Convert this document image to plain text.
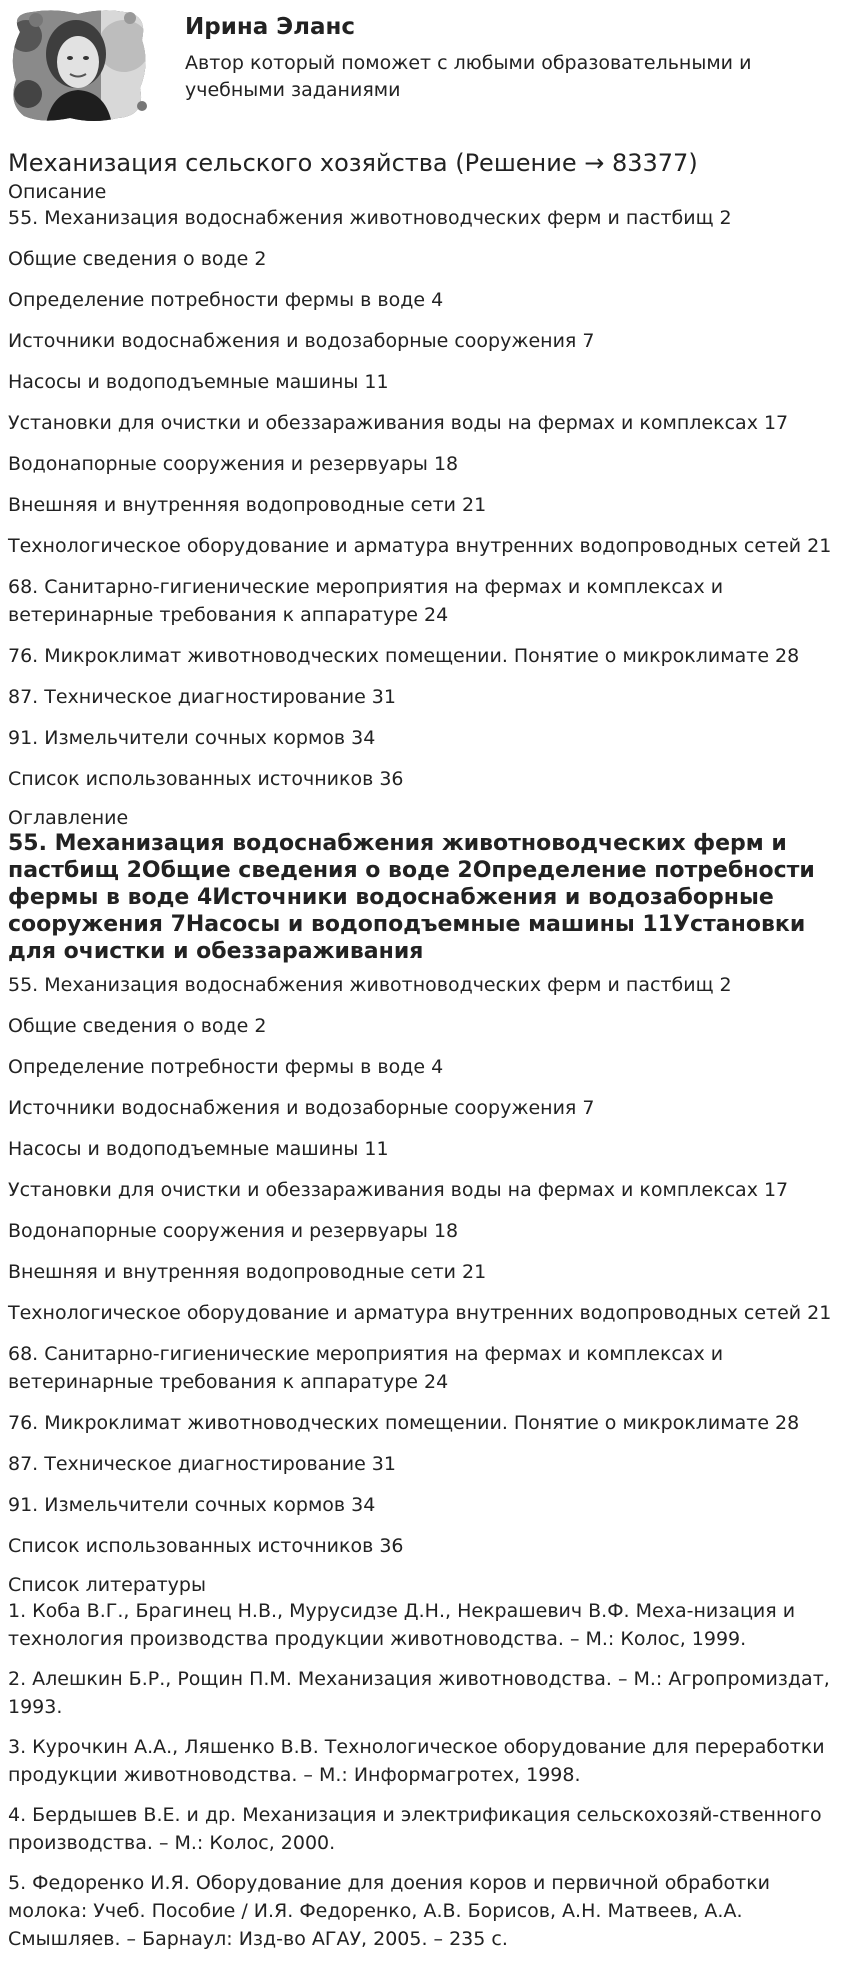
Ирина Эланс
Автор который поможет с любыми образовательными и учебными заданиями
Механизация сельского хозяйства (Решение → 83377)

Описание

55. Механизация водоснабжения животноводческих ферм и пастбищ 2

Общие сведения о воде 2

Определение потребности фермы в воде 4

Источники водоснабжения и водозаборные сооружения 7

Насосы и водоподъемные машины 11

Установки для очистки и обеззараживания воды на фермах и комплексах 17

Водонапорные сооружения и резервуары 18

Внешняя и внутренняя водопроводные сети 21

Технологическое оборудование и арматура внутренних водопроводных сетей 21

68. Санитарно-гигиенические мероприятия на фермах и комплексах и ветеринарные требования к аппаратуре 24

76. Микроклимат животноводческих помещении. Понятие о микроклимате 28

87. Техническое диагностирование 31

91. Измельчители сочных кормов 34

Список использованных источников 36

Оглавление

55. Механизация водоснабжения животноводческих ферм и пастбищ 2Общие сведения о воде 2Определение потребности фермы в воде 4Источники водоснабжения и водозаборные сооружения 7Насосы и водоподъемные машины 11Установки для очистки и обеззараживания

55. Механизация водоснабжения животноводческих ферм и пастбищ 2

Общие сведения о воде 2

Определение потребности фермы в воде 4

Источники водоснабжения и водозаборные сооружения 7

Насосы и водоподъемные машины 11

Установки для очистки и обеззараживания воды на фермах и комплексах 17

Водонапорные сооружения и резервуары 18

Внешняя и внутренняя водопроводные сети 21

Технологическое оборудование и арматура внутренних водопроводных сетей 21

68. Санитарно-гигиенические мероприятия на фермах и комплексах и ветеринарные требования к аппаратуре 24

76. Микроклимат животноводческих помещении. Понятие о микроклимате 28

87. Техническое диагностирование 31

91. Измельчители сочных кормов 34

Список использованных источников 36

Список литературы

1. Коба В.Г., Брагинец Н.В., Мурусидзе Д.Н., Некрашевич В.Ф. Меха-низация и технология производства продукции животноводства. – М.: Колос, 1999.

2. Алешкин Б.Р., Рощин П.М. Механизация животноводства. – М.: Агропромиздат, 1993.

3. Курочкин А.А., Ляшенко В.В. Технологическое оборудование для переработки продукции животноводства. – М.: Информагротех, 1998.

4. Бердышев В.Е. и др. Механизация и электрификация сельскохозяй-ственного производства. – М.: Колос, 2000.

5. Федоренко И.Я. Оборудование для доения коров и первичной обработки молока: Учеб. Пособие / И.Я. Федоренко, А.В. Борисов, А.Н. Матвеев, А.А. Смышляев. – Барнаул: Изд-во АГАУ, 2005. – 235 с.
